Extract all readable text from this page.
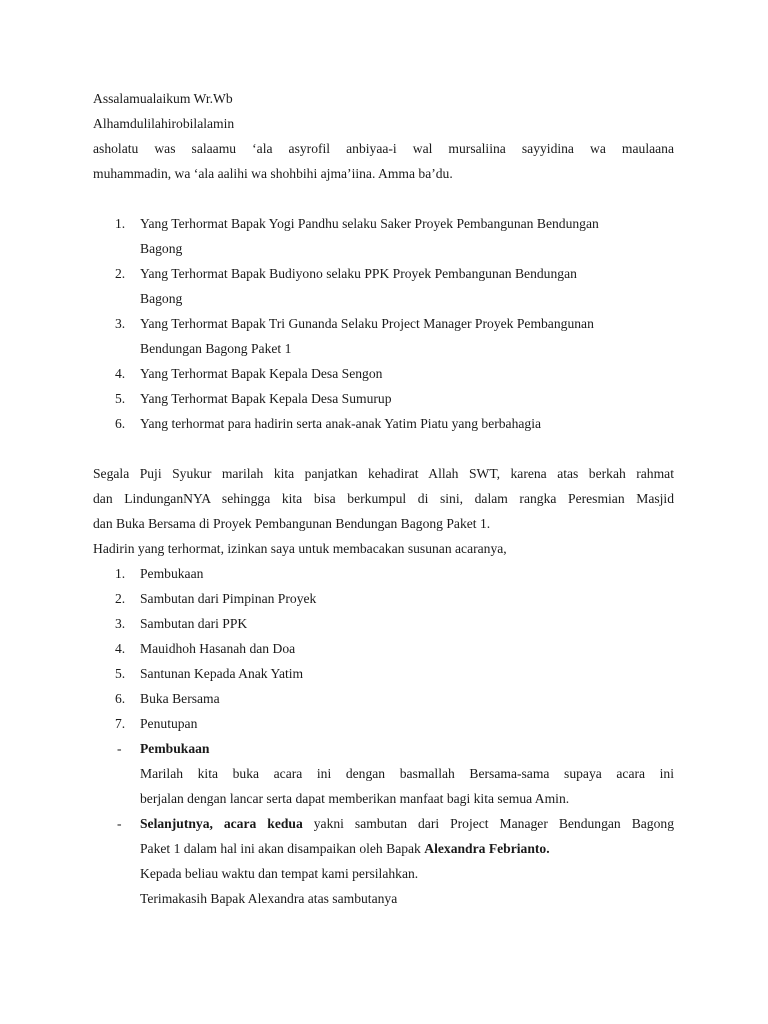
Assalamualaikum Wr.Wb
Alhamdulilahirobilalamin
asholatu was salaamu ‘ala asyrofil anbiyaa-i wal mursaliina sayyidina wa maulaana
muhammadin, wa ‘ala aalihi wa shohbihi ajma’iina. Amma ba’du.
1. Yang Terhormat Bapak Yogi Pandhu selaku Saker Proyek Pembangunan Bendungan
Bagong
2. Yang Terhormat Bapak Budiyono selaku PPK Proyek Pembangunan Bendungan
Bagong
3. Yang Terhormat Bapak Tri Gunanda Selaku Project Manager Proyek Pembangunan
Bendungan Bagong Paket 1
4. Yang Terhormat Bapak Kepala Desa Sengon
5. Yang Terhormat Bapak Kepala Desa Sumurup
6. Yang terhormat para hadirin serta anak-anak Yatim Piatu yang berbahagia
Segala Puji Syukur marilah kita panjatkan kehadirat Allah SWT, karena atas berkah rahmat
dan LindunganNYA sehingga kita bisa berkumpul di sini, dalam rangka Peresmian Masjid
dan Buka Bersama di Proyek Pembangunan Bendungan Bagong Paket 1.
Hadirin yang terhormat, izinkan saya untuk membacakan susunan acaranya,
1. Pembukaan
2. Sambutan dari Pimpinan Proyek
3. Sambutan dari PPK
4. Mauidhoh Hasanah dan Doa
5. Santunan Kepada Anak Yatim
6. Buka Bersama
7. Penutupan
- Pembukaan
Marilah kita buka acara ini dengan basmallah Bersama-sama supaya acara ini
berjalan dengan lancar serta dapat memberikan manfaat bagi kita semua Amin.
- Selanjutnya, acara kedua yakni sambutan dari Project Manager Bendungan Bagong
Paket 1 dalam hal ini akan disampaikan oleh Bapak Alexandra Febrianto.
Kepada beliau waktu dan tempat kami persilahkan.
Terimakasih Bapak Alexandra atas sambutanya
